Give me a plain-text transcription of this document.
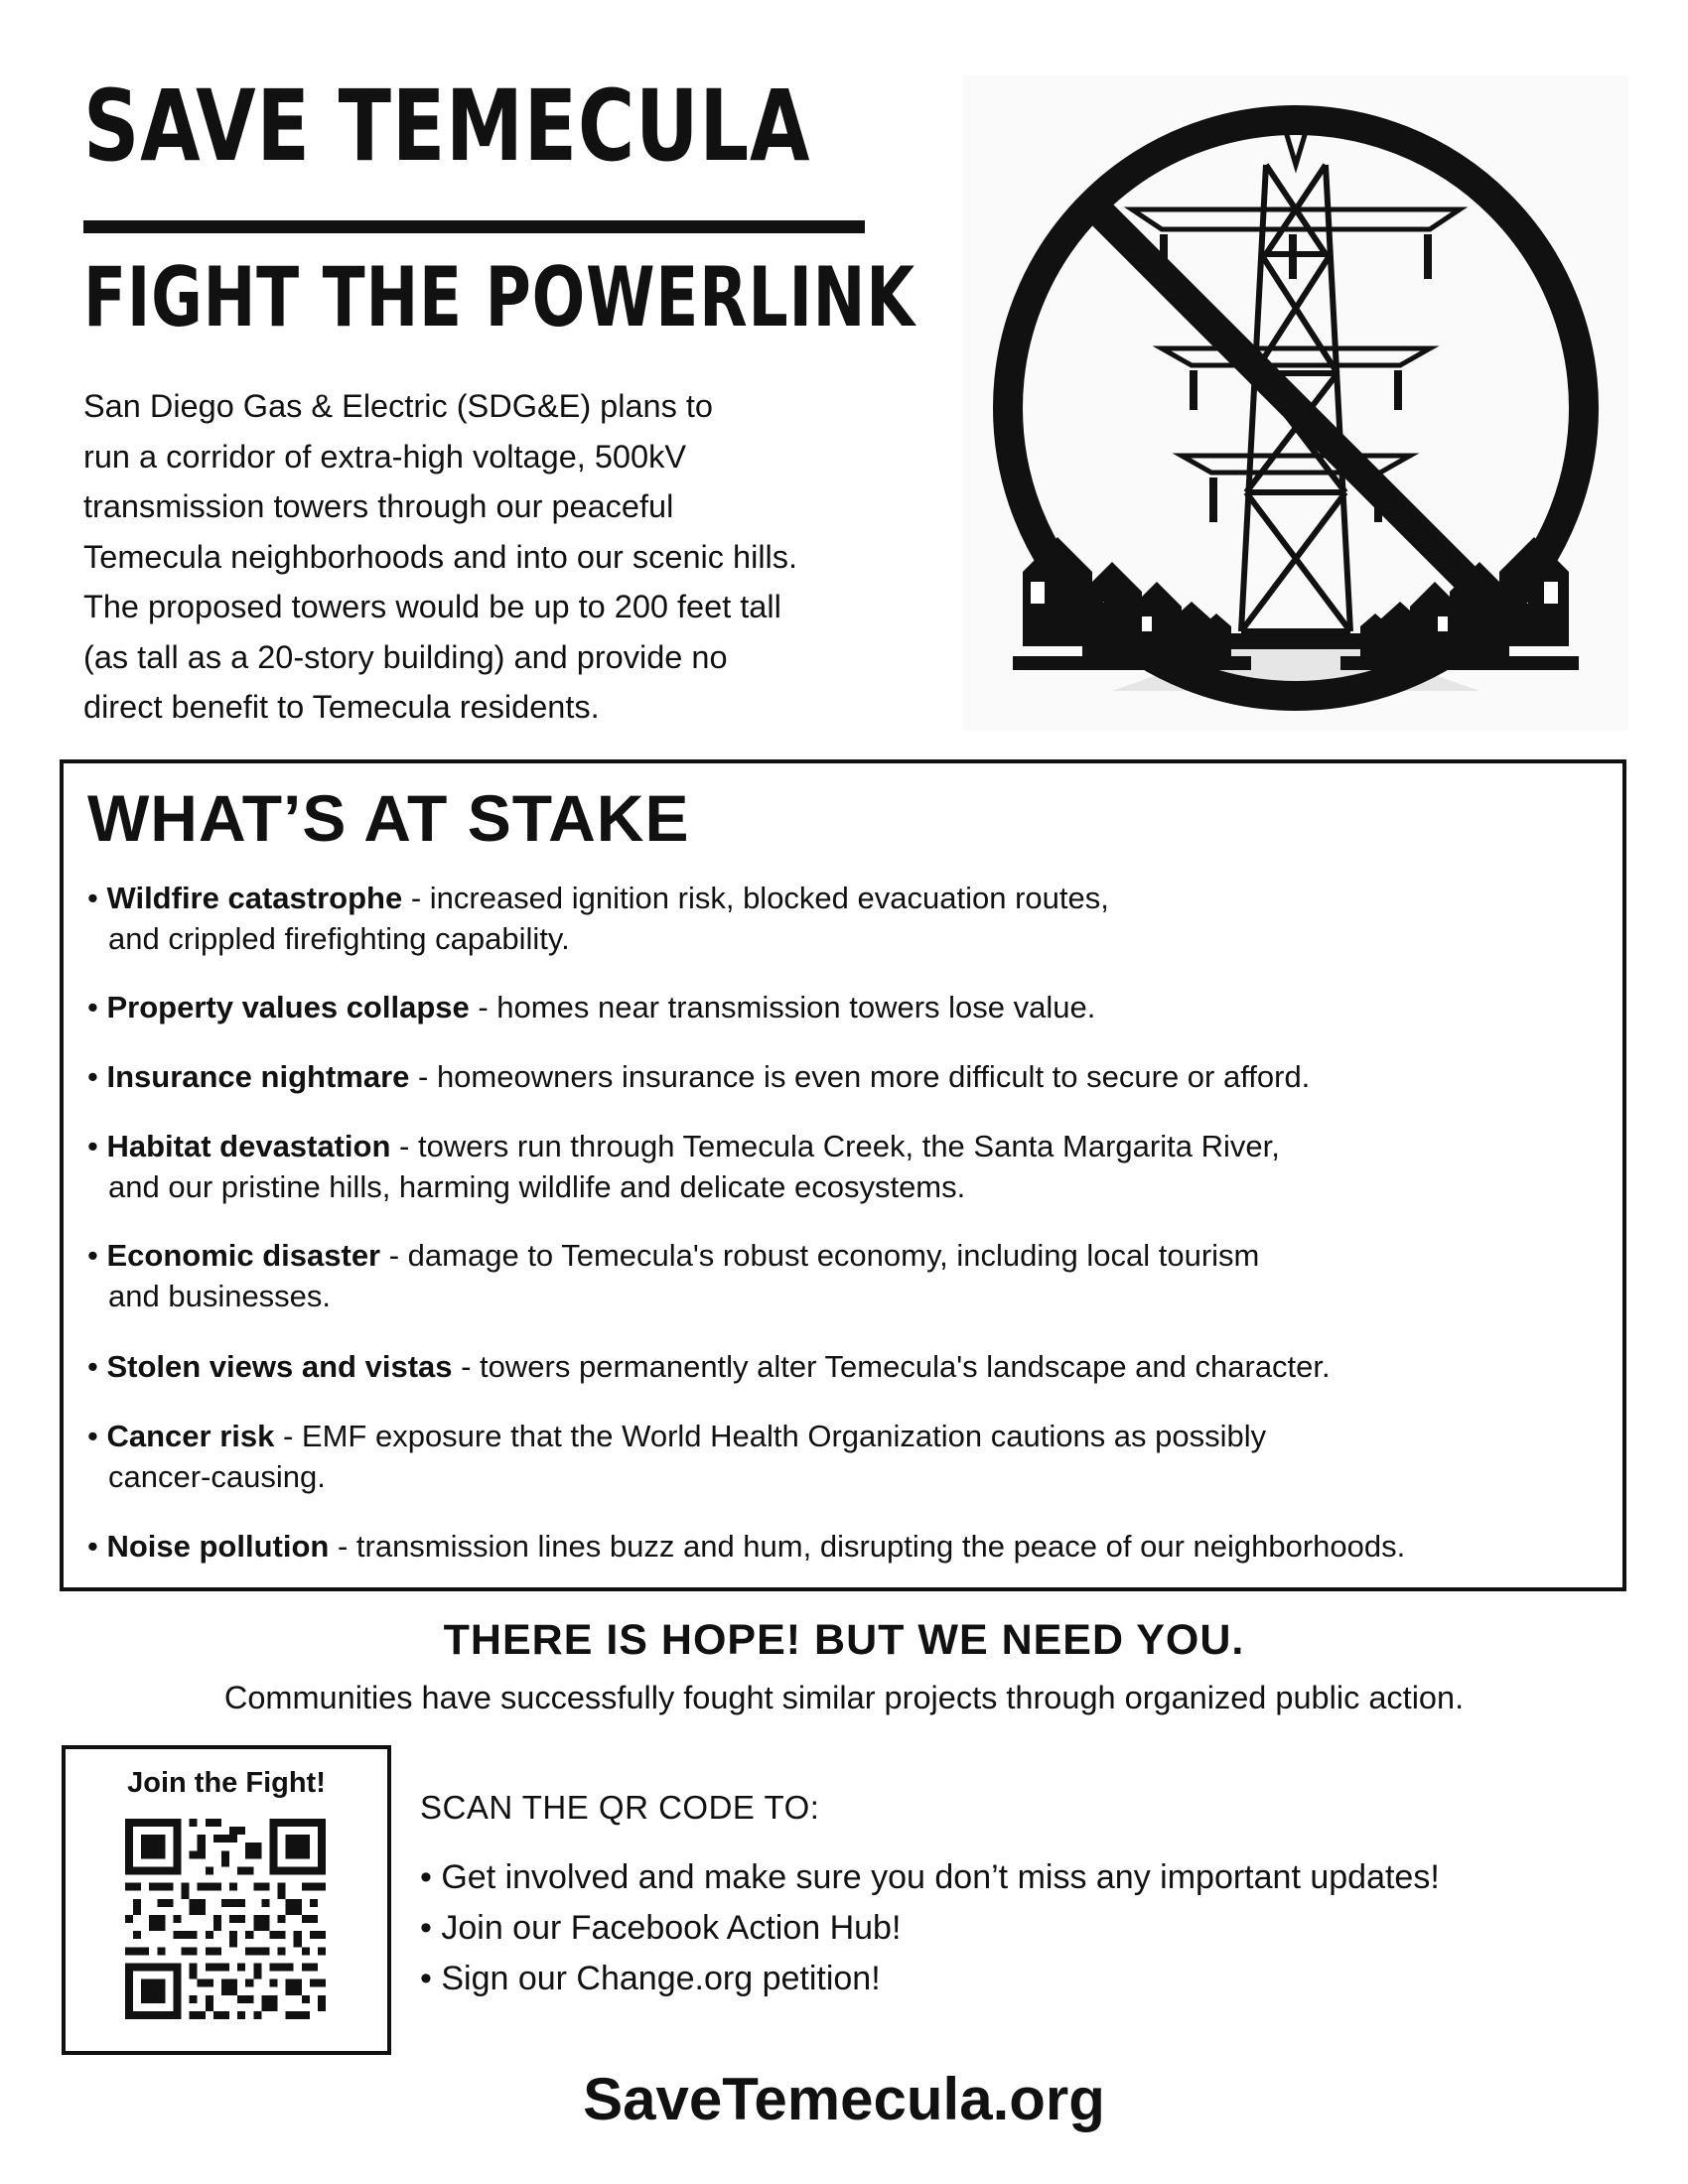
SAVE TEMECULA
FIGHT THE POWERLINK

San Diego Gas & Electric (SDG&E) plans to
run a corridor of extra-high voltage, 500kV
transmission towers through our peaceful
Temecula neighborhoods and into our scenic hills.
The proposed towers would be up to 200 feet tall
(as tall as a 20-story building) and provide no
direct benefit to Temecula residents.

WHAT’S AT STAKE
• Wildfire catastrophe - increased ignition risk, blocked evacuation routes,
and crippled firefighting capability.
• Property values collapse - homes near transmission towers lose value.
• Insurance nightmare - homeowners insurance is even more difficult to secure or afford.
• Habitat devastation - towers run through Temecula Creek, the Santa Margarita River,
and our pristine hills, harming wildlife and delicate ecosystems.
• Economic disaster - damage to Temecula's robust economy, including local tourism
and businesses.
• Stolen views and vistas - towers permanently alter Temecula's landscape and character.
• Cancer risk - EMF exposure that the World Health Organization cautions as possibly
cancer-causing.
• Noise pollution - transmission lines buzz and hum, disrupting the peace of our neighborhoods.
THERE IS HOPE! BUT WE NEED YOU.

Communities have successfully fought similar projects through organized public action.

Join the Fight!

SCAN THE QR CODE TO:

• Get involved and make sure you don’t miss any important updates!
• Join our Facebook Action Hub!
• Sign our Change.org petition!

SaveTemecula.org
